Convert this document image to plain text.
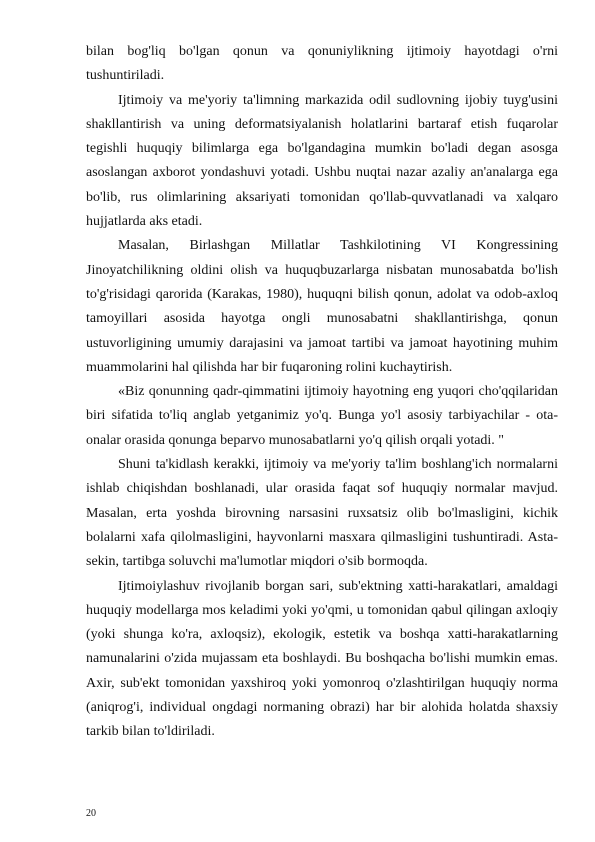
bilan bog'liq bo'lgan qonun va qonuniylikning ijtimoiy hayotdagi o'rni tushuntiriladi.

Ijtimoiy va me'yoriy ta'limning markazida odil sudlovning ijobiy tuyg'usini shakllantirish va uning deformatsiyalanish holatlarini bartaraf etish fuqarolar tegishli huquqiy bilimlarga ega bo'lgandagina mumkin bo'ladi degan asosga asoslangan axborot yondashuvi yotadi. Ushbu nuqtai nazar azaliy an'analarga ega bo'lib, rus olimlarining aksariyati tomonidan qo'llab-quvvatlanadi va xalqaro hujjatlarda aks etadi.

Masalan, Birlashgan Millatlar Tashkilotining VI Kongressining Jinoyatchilikning oldini olish va huquqbuzarlarga nisbatan munosabatda bo'lish to'g'risidagi qarorida (Karakas, 1980), huquqni bilish qonun, adolat va odob-axloq tamoyillari asosida hayotga ongli munosabatni shakllantirishga, qonun ustuvorligining umumiy darajasini va jamoat tartibi va jamoat hayotining muhim muammolarini hal qilishda har bir fuqaroning rolini kuchaytirish.

«Biz qonunning qadr-qimmatini ijtimoiy hayotning eng yuqori cho'qqilaridan biri sifatida to'liq anglab yetganimiz yo'q. Bunga yo'l asosiy tarbiyachilar - ota-onalar orasida qonunga beparvo munosabatlarni yo'q qilish orqali yotadi. "

Shuni ta'kidlash kerakki, ijtimoiy va me'yoriy ta'lim boshlang'ich normalarni ishlab chiqishdan boshlanadi, ular orasida faqat sof huquqiy normalar mavjud. Masalan, erta yoshda birovning narsasini ruxsatsiz olib bo'lmasligini, kichik bolalarni xafa qilolmasligini, hayvonlarni masxara qilmasligini tushuntiradi. Asta-sekin, tartibga soluvchi ma'lumotlar miqdori o'sib bormoqda.

Ijtimoiylashuv rivojlanib borgan sari, sub'ektning xatti-harakatlari, amaldagi huquqiy modellarga mos keladimi yoki yo'qmi, u tomonidan qabul qilingan axloqiy (yoki shunga ko'ra, axloqsiz), ekologik, estetik va boshqa xatti-harakatlarning namunalarini o'zida mujassam eta boshlaydi. Bu boshqacha bo'lishi mumkin emas. Axir, sub'ekt tomonidan yaxshiroq yoki yomonroq o'zlashtirilgan huquqiy norma (aniqrog'i, individual ongdagi normaning obrazi) har bir alohida holatda shaxsiy tarkib bilan to'ldiriladi.

20
